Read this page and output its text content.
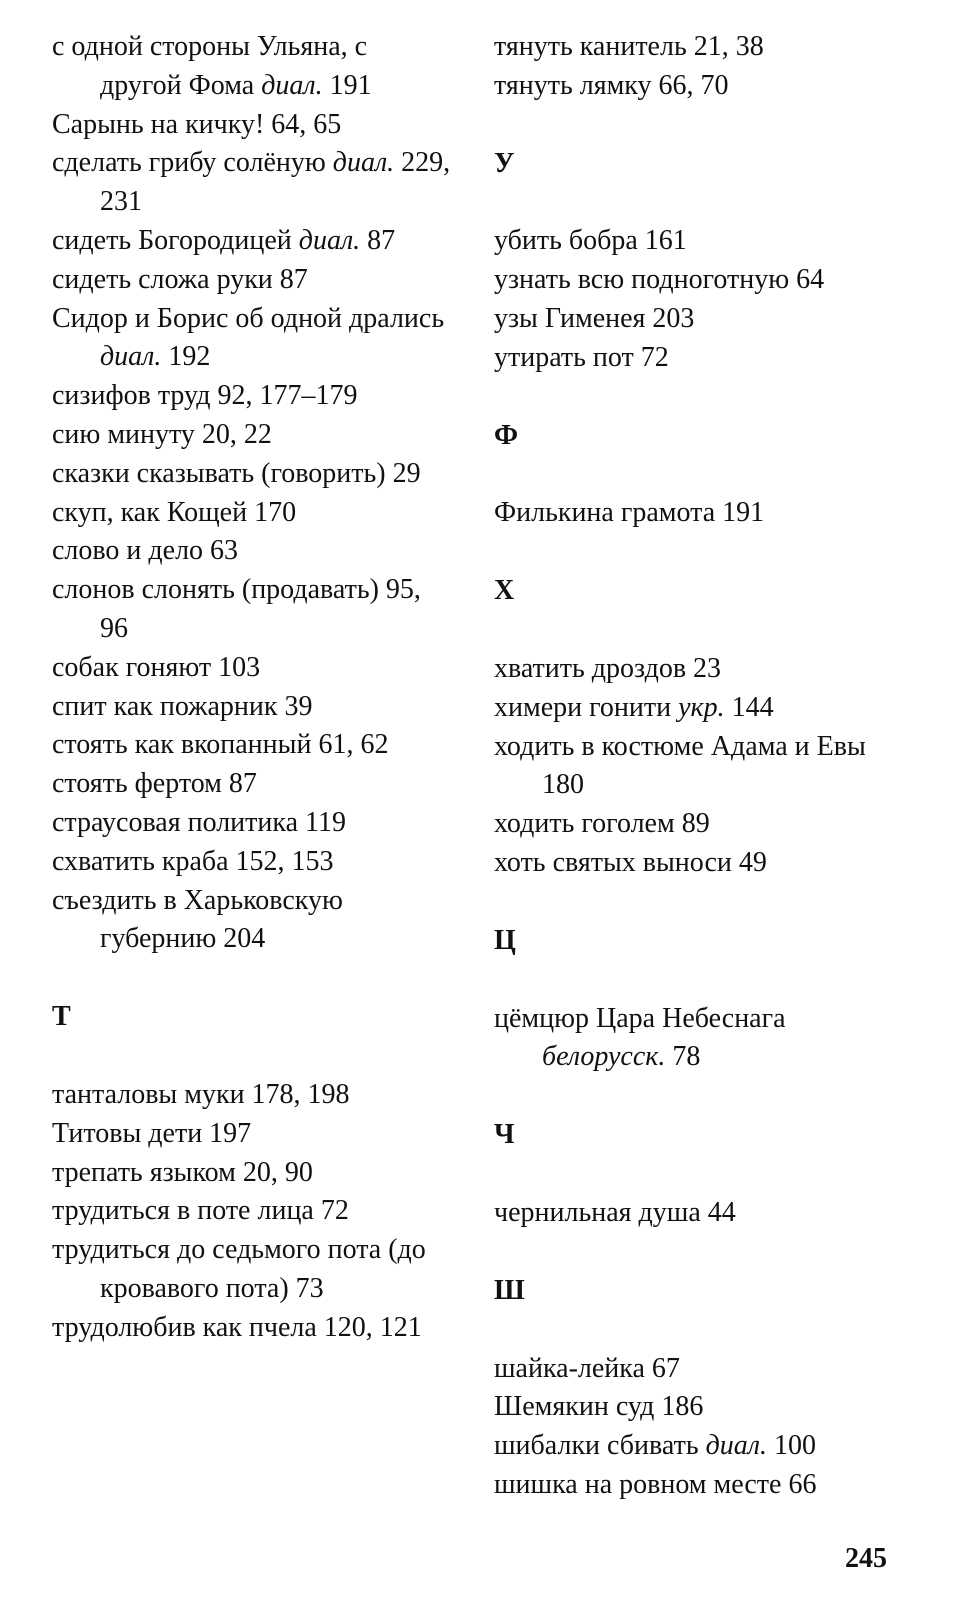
с одной стороны Ульяна, с другой Фома диал. 191
Сарынь на кичку! 64, 65
сделать грибу солёную диал. 229, 231
сидеть Богородицей диал. 87
сидеть сложа руки 87
Сидор и Борис об одной дрались диал. 192
сизифов труд 92, 177–179
сию минуту 20, 22
сказки сказывать (говорить) 29
скуп, как Кощей 170
слово и дело 63
слонов слонять (продавать) 95, 96
собак гоняют 103
спит как пожарник 39
стоять как вкопанный 61, 62
стоять фертом 87
страусовая политика 119
схватить краба 152, 153
съездить в Харьковскую губернию 204
Т
танталовы муки 178, 198
Титовы дети 197
трепать языком 20, 90
трудиться в поте лица 72
трудиться до седьмого пота (до кровавого пота) 73
трудолюбив как пчела 120, 121
тянуть канитель 21, 38
тянуть лямку 66, 70
У
убить бобра 161
узнать всю подноготную 64
узы Гименея 203
утирать пот 72
Ф
Филькина грамота 191
Х
хватить дроздов 23
химери гонити укр. 144
ходить в костюме Адама и Евы 180
ходить гоголем 89
хоть святых выноси 49
Ц
цёмцюр Цара Небеснага белорусск. 78
Ч
чернильная душа 44
Ш
шайка-лейка 67
Шемякин суд 186
шибалки сбивать диал. 100
шишка на ровном месте 66
245
